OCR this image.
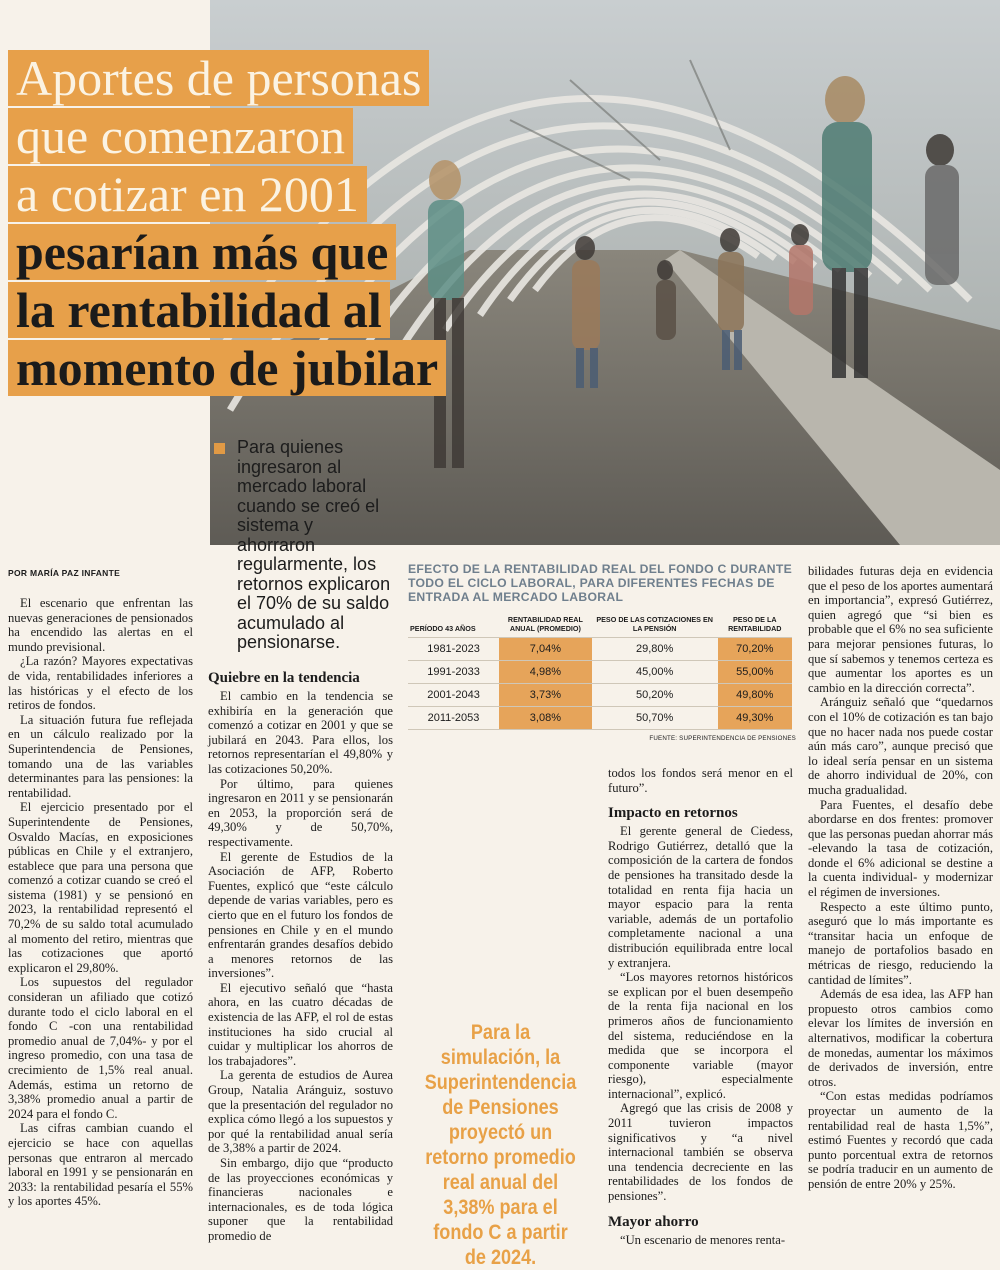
Aportes de personas
que comenzaron
a cotizar en 2001
pesarían más que
la rentabilidad al
momento de jubilar

Para quienes ingresaron al mercado laboral cuando se creó el sistema y ahorraron regularmente, los retornos explicaron el 70% de su saldo acumulado al pensionarse.

POR MARÍA PAZ INFANTE

El escenario que enfrentan las nuevas generaciones de pensionados ha encendido las alertas en el mundo previsional.

¿La razón? Mayores expectativas de vida, rentabilidades inferiores a las históricas y el efecto de los retiros de fondos.

La situación futura fue reflejada en un cálculo realizado por la Superintendencia de Pensiones, tomando una de las variables determinantes para las pensiones: la rentabilidad.

El ejercicio presentado por el Superintendente de Pensiones, Osvaldo Macías, en exposiciones públicas en Chile y el extranjero, establece que para una persona que comenzó a cotizar cuando se creó el sistema (1981) y se pensionó en 2023, la rentabilidad representó el 70,2% de su saldo total acumulado al momento del retiro, mientras que las cotizaciones que aportó explicaron el 29,80%.

Los supuestos del regulador consideran un afiliado que cotizó durante todo el ciclo laboral en el fondo C -con una rentabilidad promedio anual de 7,04%- y por el ingreso promedio, con una tasa de crecimiento de 1,5% real anual. Además, estima un retorno de 3,38% promedio anual a partir de 2024 para el fondo C.

Las cifras cambian cuando el ejercicio se hace con aquellas personas que entraron al mercado laboral en 1991 y se pensionarán en 2033: la rentabilidad pesaría el 55% y los aportes 45%.

Quiebre en la tendencia

El cambio en la tendencia se exhibiría en la generación que comenzó a cotizar en 2001 y que se jubilará en 2043. Para ellos, los retornos representarían el 49,80% y las cotizaciones 50,20%.

Por último, para quienes ingresaron en 2011 y se pensionarán en 2053, la proporción será de 49,30% y de 50,70%, respectivamente.

El gerente de Estudios de la Asociación de AFP, Roberto Fuentes, explicó que “este cálculo depende de varias variables, pero es cierto que en el futuro los fondos de pensiones en Chile y en el mundo enfrentarán grandes desafíos debido a menores retornos de las inversiones”.

El ejecutivo señaló que “hasta ahora, en las cuatro décadas de existencia de las AFP, el rol de estas instituciones ha sido crucial al cuidar y multiplicar los ahorros de los trabajadores”.

La gerenta de estudios de Aurea Group, Natalia Aránguiz, sostuvo que la presentación del regulador no explica cómo llegó a los supuestos y por qué la rentabilidad anual sería de 3,38% a partir de 2024.

Sin embargo, dijo que “producto de las proyecciones económicas y financieras nacionales e internacionales, es de toda lógica suponer que la rentabilidad promedio de

EFECTO DE LA RENTABILIDAD REAL DEL FONDO C DURANTE TODO EL CICLO LABORAL, PARA DIFERENTES FECHAS DE ENTRADA AL MERCADO LABORAL

PERÍODO 43 AÑOS	RENTABILIDAD REAL ANUAL (PROMEDIO)	PESO DE LAS COTIZACIONES EN LA PENSIÓN	PESO DE LA RENTABILIDAD
1981-2023	7,04%	29,80%	70,20%
1991-2033	4,98%	45,00%	55,00%
2001-2043	3,73%	50,20%	49,80%
2011-2053	3,08%	50,70%	49,30%

FUENTE: SUPERINTENDENCIA DE PENSIONES

Para la simulación, la Superintendencia de Pensiones proyectó un retorno promedio real anual del 3,38% para el fondo C a partir de 2024.

todos los fondos será menor en el futuro”.

Impacto en retornos

El gerente general de Ciedess, Rodrigo Gutiérrez, detalló que la composición de la cartera de fondos de pensiones ha transitado desde la totalidad en renta fija hacia un mayor espacio para la renta variable, además de un portafolio completamente nacional a una distribución equilibrada entre local y extranjera.

“Los mayores retornos históricos se explican por el buen desempeño de la renta fija nacional en los primeros años de funcionamiento del sistema, reduciéndose en la medida que se incorpora el componente variable (mayor riesgo), especialmente internacional”, explicó.

Agregó que las crisis de 2008 y 2011 tuvieron impactos significativos y “a nivel internacional también se observa una tendencia decreciente en las rentabilidades de los fondos de pensiones”.

Mayor ahorro

“Un escenario de menores renta-

bilidades futuras deja en evidencia que el peso de los aportes aumentará en importancia”, expresó Gutiérrez, quien agregó que “si bien es probable que el 6% no sea suficiente para mejorar pensiones futuras, lo que sí sabemos y tenemos certeza es que aumentar los aportes es un cambio en la dirección correcta”.

Aránguiz señaló que “quedarnos con el 10% de cotización es tan bajo que no hacer nada nos puede costar aún más caro”, aunque precisó que lo ideal sería pensar en un sistema de ahorro individual de 20%, con mucha gradualidad.

Para Fuentes, el desafío debe abordarse en dos frentes: promover que las personas puedan ahorrar más -elevando la tasa de cotización, donde el 6% adicional se destine a la cuenta individual- y modernizar el régimen de inversiones.

Respecto a este último punto, aseguró que lo más importante es “transitar hacia un enfoque de manejo de portafolios basado en métricas de riesgo, reduciendo la cantidad de límites”.

Además de esa idea, las AFP han propuesto otros cambios como elevar los límites de inversión en alternativos, modificar la cobertura de monedas, aumentar los máximos de derivados de inversión, entre otros.

“Con estas medidas podríamos proyectar un aumento de la rentabilidad real de hasta 1,5%”, estimó Fuentes y recordó que cada punto porcentual extra de retornos se podría traducir en un aumento de pensión de entre 20% y 25%.
